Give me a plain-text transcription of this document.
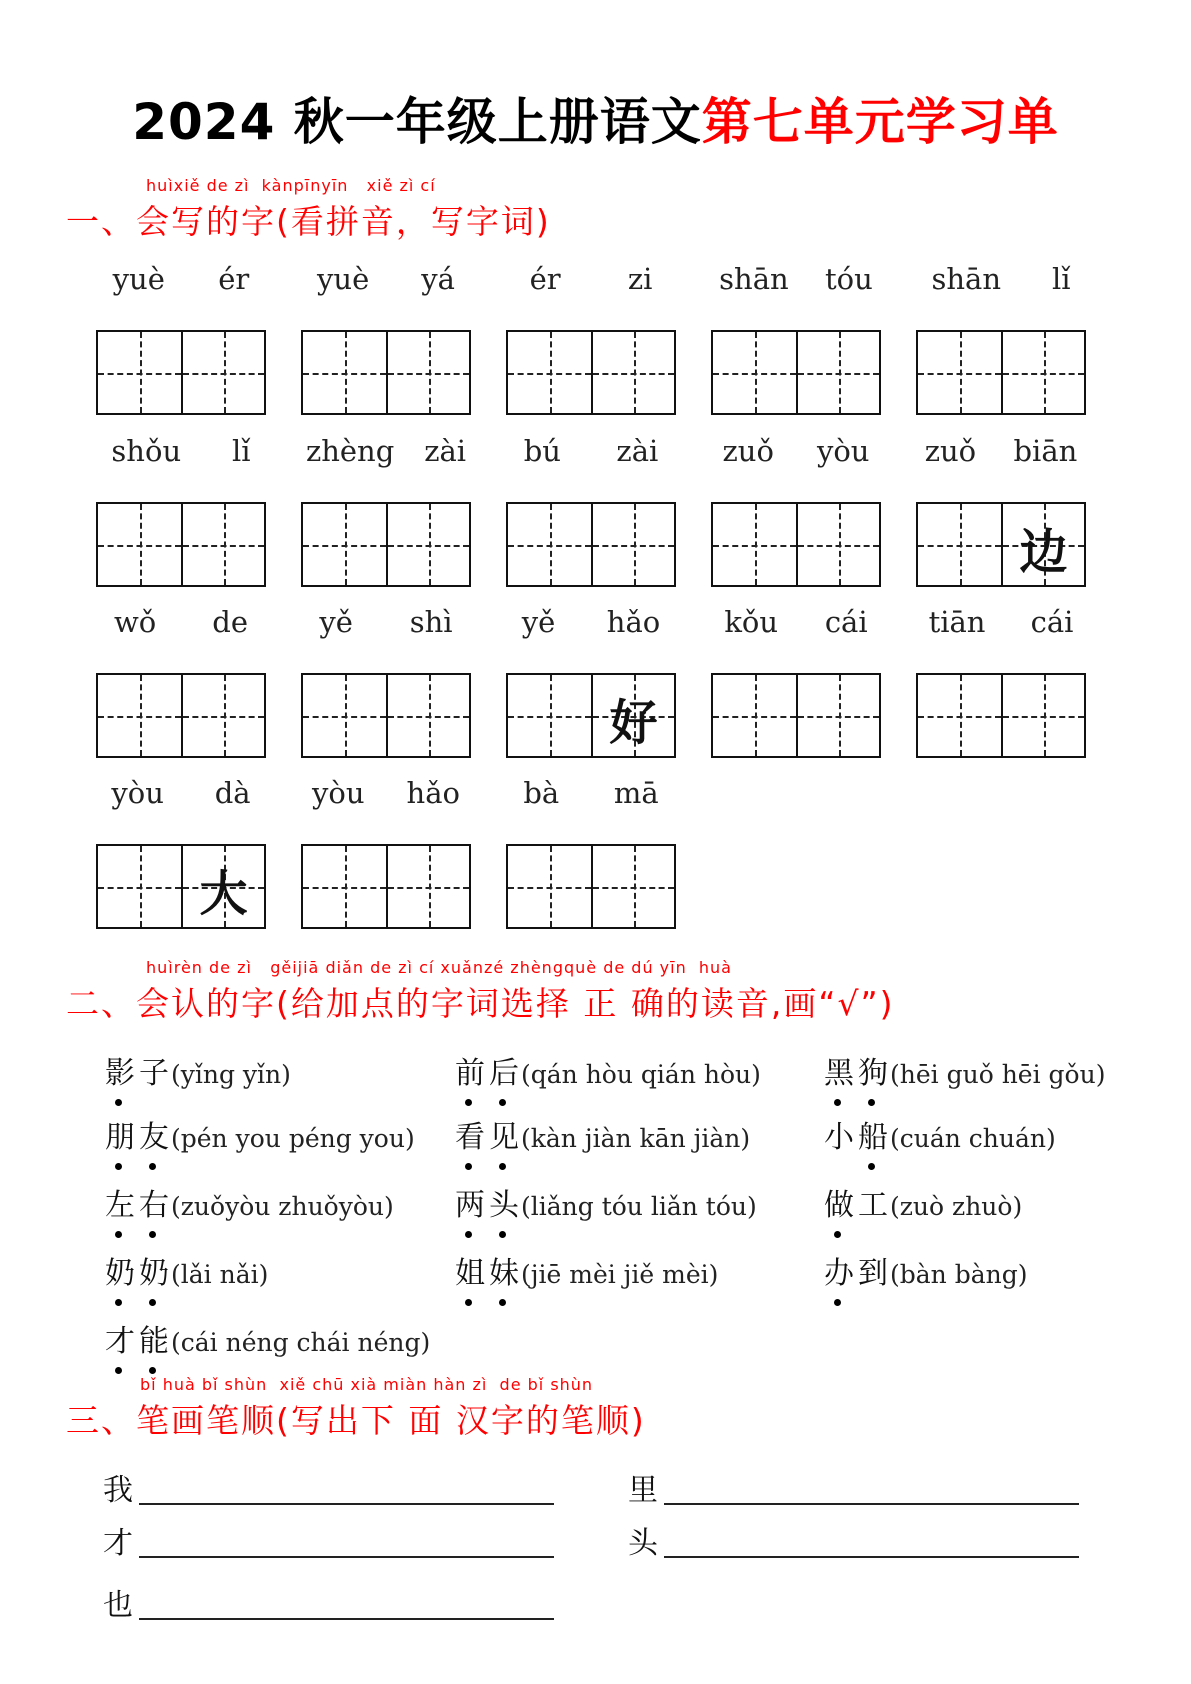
2024 秋一年级上册语文第七单元学习单
huìxiě de zì  kànpīnyīn   xiě zì cí
一、会写的字(看拼音，写字词)
yuè ér yuè yá	ér zi shān tóu shān lǐ
shǒu lǐ zhèng zài bú zài zuǒ yòu zuǒ biān
边
wǒ de yě shì yě hǎo
好
kǒu cái tiān cái
yòu dà
大
yòu hǎo bà mā
huìrèn de zì   gěijiā diǎn de zì cí xuǎnzé zhèngquè de dú yīn  huà
二、会认的字(给加点的字词选择 正 确的读音,画“√”)
影 子(yǐng yǐn)	前 后(qán hòu qián hòu) 黑 狗(hēi guǒ hēi gǒu)
朋 友(pén you péng you) 看 见(kàn jiàn kān jiàn) 小 船(cuán chuán)
左 右(zuǒyòu zhuǒyòu) 两 头(liǎng tóu liǎn tóu) 做 工(zuò zhuò)
奶 奶(lǎi nǎi)	姐 妹(jiē mèi jiě mèi)	办 到(bàn bàng)
才 能(cái néng chái néng)
bǐ huà bǐ shùn  xiě chū xià miàn hàn zì  de bǐ shùn
三、笔画笔顺(写出下 面 汉字的笔顺)
我	里
才	头
也
